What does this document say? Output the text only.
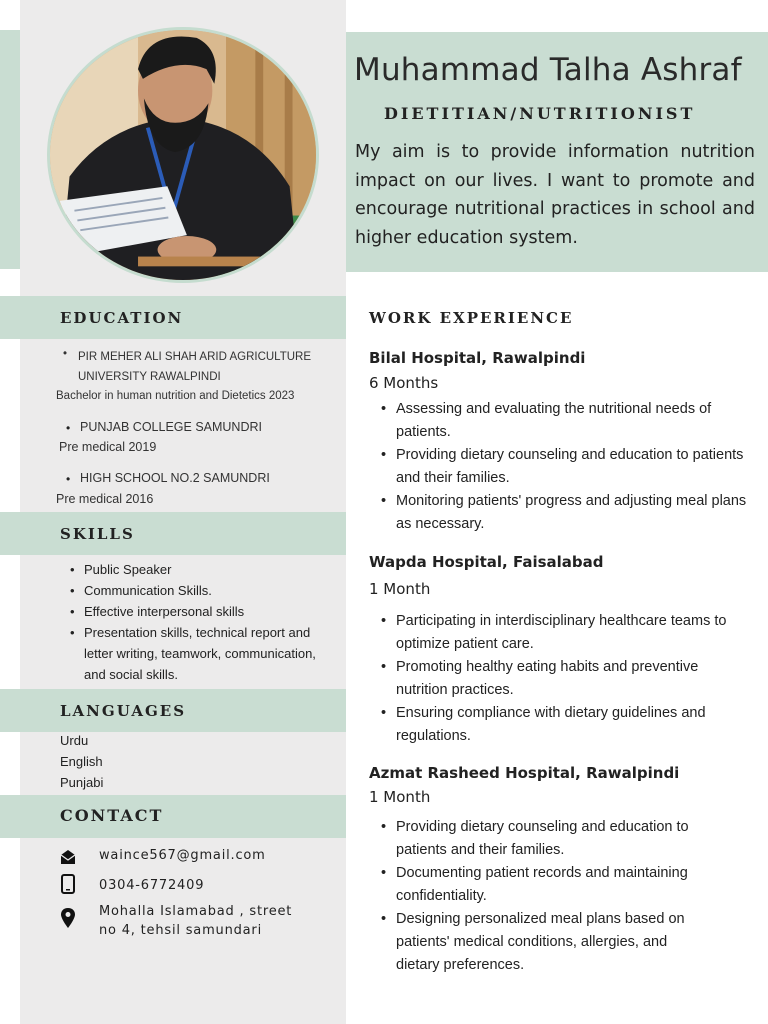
Muhammad Talha Ashraf
DIETITIAN/NUTRITIONIST
My aim is to provide information nutrition impact on our lives. I want to promote and encourage nutritional practices in school and higher education system.
EDUCATION
• PIR MEHER ALI SHAH ARID AGRICULTURE
UNIVERSITY RAWALPINDI
Bachelor in human nutrition and Dietetics 2023
• PUNJAB COLLEGE SAMUNDRI
Pre medical 2019
• HIGH SCHOOL NO.2 SAMUNDRI
Pre medical 2016
SKILLS
• Public Speaker
• Communication Skills.
• Effective interpersonal skills
• Presentation skills, technical report and letter writing, teamwork, communication, and social skills.
LANGUAGES
Urdu
English
Punjabi
CONTACT
waince567@gmail.com
0304-6772409
Mohalla Islamabad , street
no 4, tehsil samundari
WORK EXPERIENCE
Bilal Hospital, Rawalpindi
6 Months
• Assessing and evaluating the nutritional needs of patients.
• Providing dietary counseling and education to patients and their families.
• Monitoring patients' progress and adjusting meal plans as necessary.
Wapda Hospital, Faisalabad
1 Month
• Participating in interdisciplinary healthcare teams to optimize patient care.
• Promoting healthy eating habits and preventive nutrition practices.
• Ensuring compliance with dietary guidelines and regulations.
Azmat Rasheed Hospital, Rawalpindi
1 Month
• Providing dietary counseling and education to patients and their families.
• Documenting patient records and maintaining confidentiality.
• Designing personalized meal plans based on patients' medical conditions, allergies, and dietary preferences.
